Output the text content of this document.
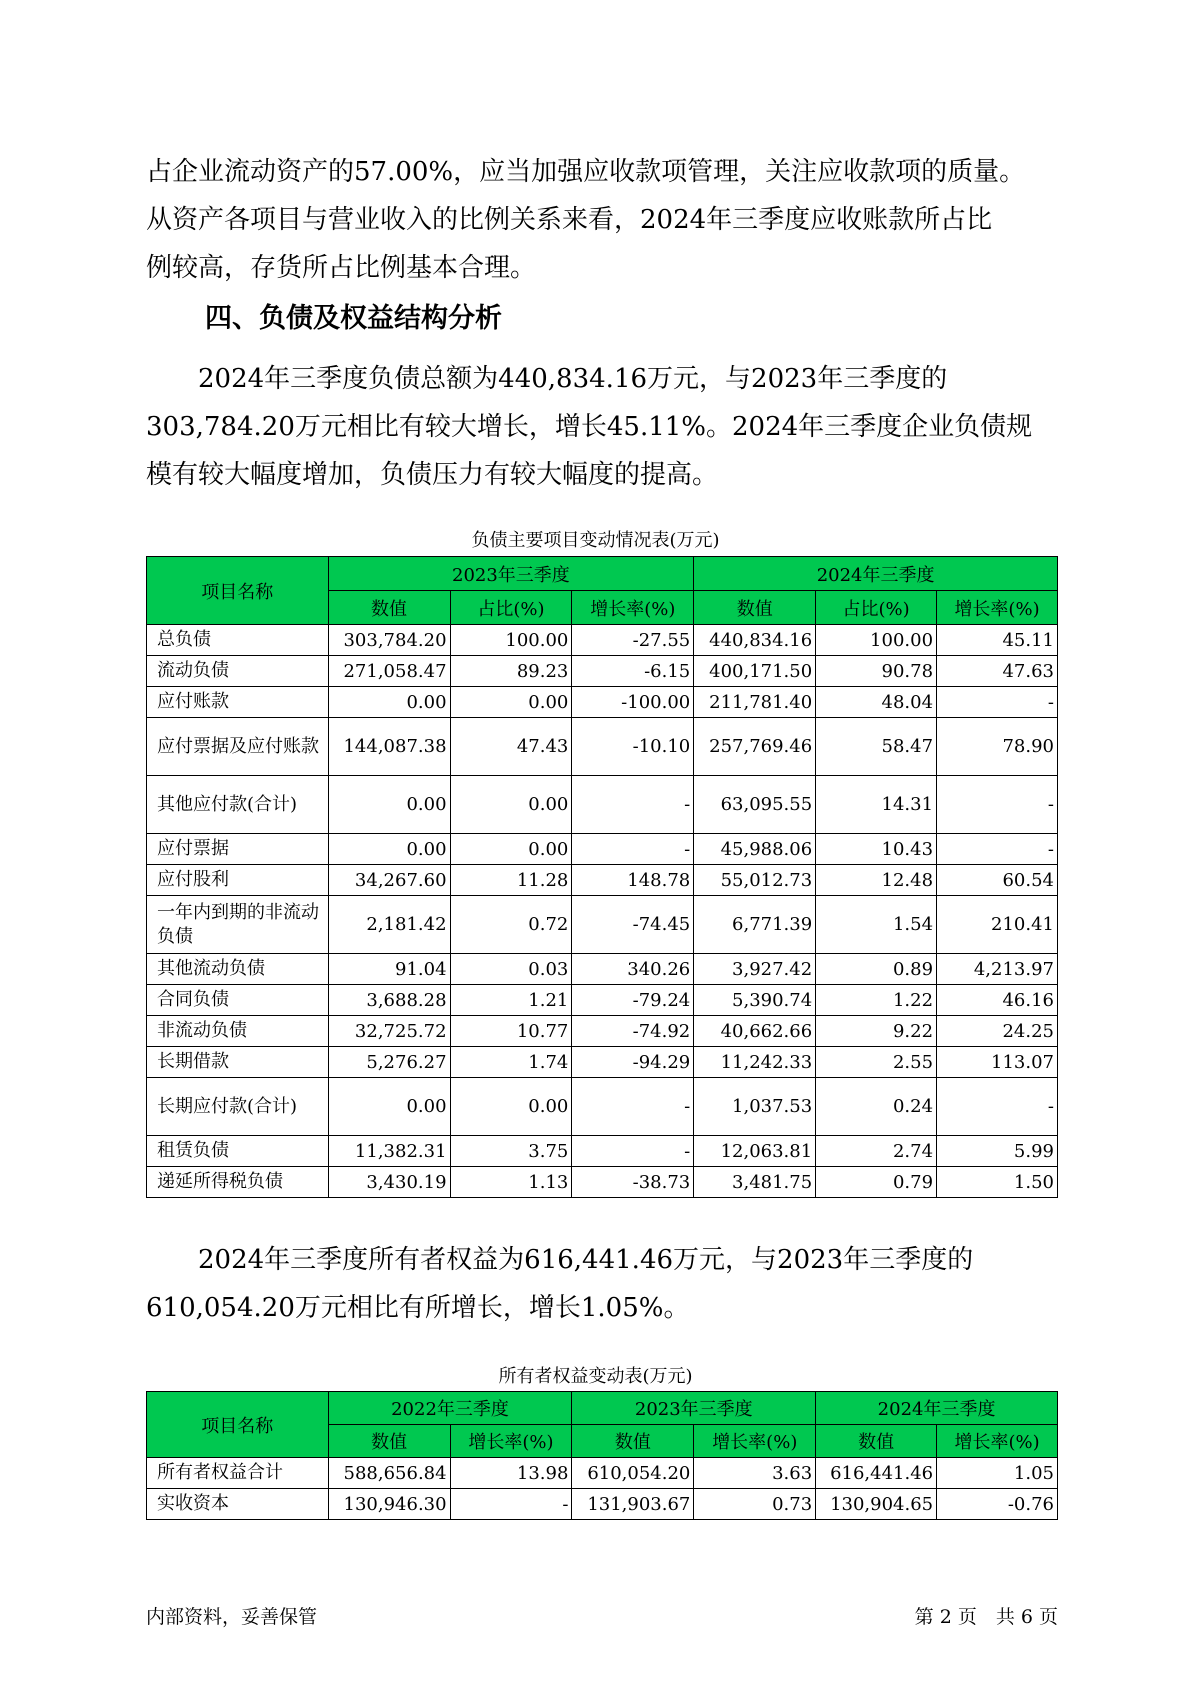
占企业流动资产的57.00%，应当加强应收款项管理，关注应收款项的质量。
从资产各项目与营业收入的比例关系来看，2024年三季度应收账款所占比
例较高，存货所占比例基本合理。
四、负债及权益结构分析
　　2024年三季度负债总额为440,834.16万元，与2023年三季度的
303,784.20万元相比有较大增长，增长45.11%。2024年三季度企业负债规
模有较大幅度增加，负债压力有较大幅度的提高。
负债主要项目变动情况表(万元)
项目名称	2023年三季度			2024年三季度		
	数值	占比(%)	增长率(%)	数值	占比(%)	增长率(%)
总负债	303,784.20	100.00	-27.55	440,834.16	100.00	45.11
流动负债	271,058.47	89.23	-6.15	400,171.50	90.78	47.63
应付账款	0.00	0.00	-100.00	211,781.40	48.04	-
应付票据及应付账款	144,087.38	47.43	-10.10	257,769.46	58.47	78.90
其他应付款(合计)	0.00	0.00	-	63,095.55	14.31	-
应付票据	0.00	0.00	-	45,988.06	10.43	-
应付股利	34,267.60	11.28	148.78	55,012.73	12.48	60.54
一年内到期的非流动负债	2,181.42	0.72	-74.45	6,771.39	1.54	210.41
其他流动负债	91.04	0.03	340.26	3,927.42	0.89	4,213.97
合同负债	3,688.28	1.21	-79.24	5,390.74	1.22	46.16
非流动负债	32,725.72	10.77	-74.92	40,662.66	9.22	24.25
长期借款	5,276.27	1.74	-94.29	11,242.33	2.55	113.07
长期应付款(合计)	0.00	0.00	-	1,037.53	0.24	-
租赁负债	11,382.31	3.75	-	12,063.81	2.74	5.99
递延所得税负债	3,430.19	1.13	-38.73	3,481.75	0.79	1.50
　　2024年三季度所有者权益为616,441.46万元，与2023年三季度的
610,054.20万元相比有所增长，增长1.05%。
所有者权益变动表(万元)
项目名称	2022年三季度		2023年三季度		2024年三季度	
	数值	增长率(%)	数值	增长率(%)	数值	增长率(%)
所有者权益合计	588,656.84	13.98	610,054.20	3.63	616,441.46	1.05
实收资本	130,946.30	-	131,903.67	0.73	130,904.65	-0.76
内部资料，妥善保管	第 2 页　共 6 页
